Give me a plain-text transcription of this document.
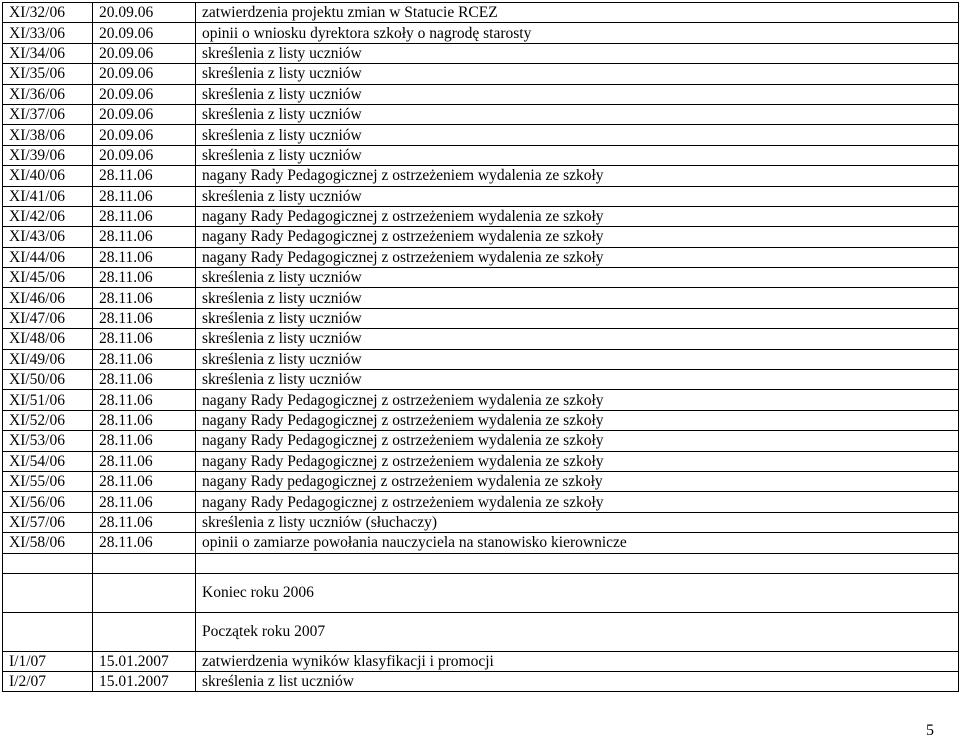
XI/32/06	20.09.06	zatwierdzenia projektu zmian w Statucie RCEZ
XI/33/06	20.09.06	opinii o wniosku dyrektora szkoły o nagrodę starosty
XI/34/06	20.09.06	skreślenia z listy uczniów
XI/35/06	20.09.06	skreślenia z listy uczniów
XI/36/06	20.09.06	skreślenia z listy uczniów
XI/37/06	20.09.06	skreślenia z listy uczniów
XI/38/06	20.09.06	skreślenia z listy uczniów
XI/39/06	20.09.06	skreślenia z listy uczniów
XI/40/06	28.11.06	nagany Rady Pedagogicznej z ostrzeżeniem wydalenia ze szkoły
XI/41/06	28.11.06	skreślenia z listy uczniów
XI/42/06	28.11.06	nagany Rady Pedagogicznej z ostrzeżeniem wydalenia ze szkoły
XI/43/06	28.11.06	nagany Rady Pedagogicznej z ostrzeżeniem wydalenia ze szkoły
XI/44/06	28.11.06	nagany Rady Pedagogicznej z ostrzeżeniem wydalenia ze szkoły
XI/45/06	28.11.06	skreślenia z listy uczniów
XI/46/06	28.11.06	skreślenia z listy uczniów
XI/47/06	28.11.06	skreślenia z listy uczniów
XI/48/06	28.11.06	skreślenia z listy uczniów
XI/49/06	28.11.06	skreślenia z listy uczniów
XI/50/06	28.11.06	skreślenia z listy uczniów
XI/51/06	28.11.06	nagany Rady Pedagogicznej z ostrzeżeniem wydalenia ze szkoły
XI/52/06	28.11.06	nagany Rady Pedagogicznej z ostrzeżeniem wydalenia ze szkoły
XI/53/06	28.11.06	nagany Rady Pedagogicznej z ostrzeżeniem wydalenia ze szkoły
XI/54/06	28.11.06	nagany Rady Pedagogicznej z ostrzeżeniem wydalenia ze szkoły
XI/55/06	28.11.06	nagany Rady pedagogicznej z ostrzeżeniem wydalenia ze szkoły
XI/56/06	28.11.06	nagany Rady Pedagogicznej z ostrzeżeniem wydalenia ze szkoły
XI/57/06	28.11.06	skreślenia z listy uczniów (słuchaczy)
XI/58/06	28.11.06	opinii o zamiarze powołania nauczyciela na stanowisko kierownicze

		Koniec roku 2006
		Początek roku 2007
I/1/07	15.01.2007	zatwierdzenia wyników klasyfikacji i promocji
I/2/07	15.01.2007	skreślenia z list uczniów
5
